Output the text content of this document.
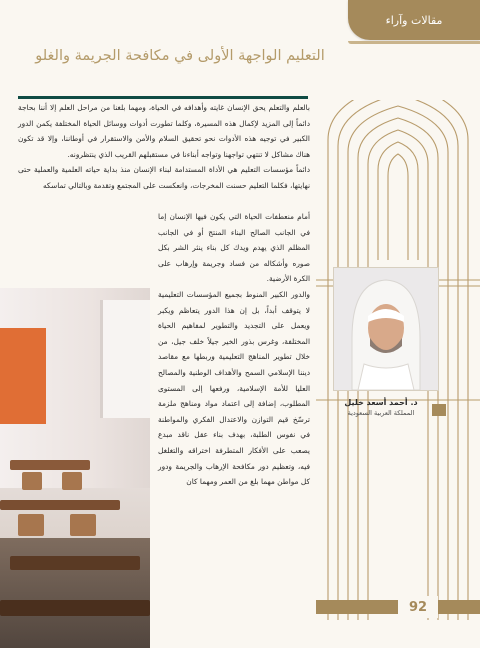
مقالات وآراء
التعليم الواجهة الأولى في مكافحة الجريمة والغلو

بالعلم والتعلم يحق الإنسان غايته وأهدافه في الحياة، ومهما بلغنا من مراحل العلم إلا أننا بحاجة دائماً إلى المزيد لإكمال هذه المسيرة، وكلما تطورت أدوات ووسائل الحياة المختلفة يكمن الدور الكبير في توجيه هذه الأدوات نحو تحقيق السلام والأمن والاستقرار في أوطاننا، وإلا قد تكون هناك مشاكل لا تنتهي تواجهنا وتواجه أبناءنا في مستقبلهم القريب الذي ينتظرونه.

دائماً مؤسسات التعليم هي الأداة المستدامة لبناء الإنسان منذ بداية حياته العلمية والعملية حتى نهايتها، فكلما التعليم حسنت المخرجات، وانعكست على المجتمع وتقدمة وبالتالي تماسكه

أمام منعطفات الحياة التي يكون فيها الإنسان إما في الجانب الصالح البناء المنتج أو في الجانب المظلم الذي يهدم ويدك كل بناء ينثر الشر بكل صوره وأشكاله من فساد وجريمة وإرهاب على الكرة الأرضية.

والدور الكبير المنوط بجميع المؤسسات التعليمية لا يتوقف أبداً، بل إن هذا الدور يتعاظم ويكبر ويعمل على التجديد والتطوير لمفاهيم الحياة المختلفة، وغرس بذور الخير جيلاً خلف جيل، من خلال تطوير المناهج التعليمية وربطها مع مقاصد ديننا الإسلامي السمح والأهداف الوطنية والمصالح العليا للأمة الإسلامية، ورفعها إلى المستوى المطلوب، إضافة إلى اعتماد مواد ومناهج ملزمة ترسّخ قيم التوازن والاعتدال الفكري والمواطنة في نفوس الطلبة، بهدف بناء عقل ناقد مبدع يصعب على الأفكار المتطرفة اختراقه والتغلغل فيه، وتعظيم دور مكافحة الإرهاب والجريمة ودور كل مواطن مهما بلغ من العمر ومهما كان

د. أحمد أسعد خليل
المملكة العربية السعودية
92
